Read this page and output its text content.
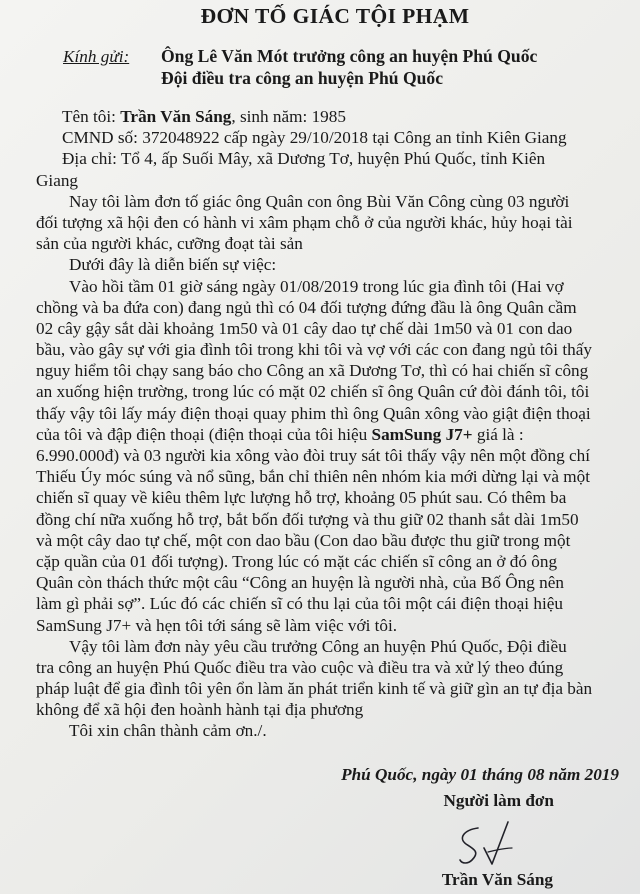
ĐƠN TỐ GIÁC TỘI PHẠM
Kính gửi:	Ông Lê Văn Mót trưởng công an huyện Phú Quốc
Đội điều tra công an huyện Phú Quốc
Tên tôi: Trần Văn Sáng, sinh năm: 1985
CMND số: 372048922 cấp ngày 29/10/2018 tại Công an tỉnh Kiên Giang
Địa chỉ: Tổ 4, ấp Suối Mây, xã Dương Tơ, huyện Phú Quốc, tỉnh Kiên
Giang
Nay tôi làm đơn tố giác ông Quân con ông Bùi Văn Công cùng 03 người
đối tượng xã hội đen có hành vi xâm phạm chỗ ở của người khác, hủy hoại tài
sản của người khác, cưỡng đoạt tài sản
Dưới đây là diễn biến sự việc:
Vào hồi tầm 01 giờ sáng ngày 01/08/2019 trong lúc gia đình tôi (Hai vợ
chồng và ba đứa con) đang ngủ thì có 04 đối tượng đứng đầu là ông Quân cầm
02 cây gậy sắt dài khoảng 1m50 và 01 cây dao tự chế dài 1m50 và 01 con dao
bầu, vào gây sự với gia đình tôi trong khi tôi và vợ với các con đang ngủ tôi thấy
nguy hiểm tôi chạy sang báo cho Công an xã Dương Tơ, thì có hai chiến sĩ công
an xuống hiện trường, trong lúc có mặt 02 chiến sĩ ông Quân cứ đòi đánh tôi, tôi
thấy vậy tôi lấy máy điện thoại quay phim thì ông Quân xông vào giật điện thoại
của tôi và đập điện thoại (điện thoại của tôi hiệu SamSung J7+ giá là :
6.990.000đ) và 03 người kia xông vào đòi truy sát tôi thấy vậy nên một đồng chí
Thiếu Úy móc súng và nổ sũng, bắn chỉ thiên nên nhóm kia mới dừng lại và một
chiến sĩ quay về kiêu thêm lực lượng hỗ trợ, khoảng 05 phút sau. Có thêm ba
đồng chí nữa xuống hỗ trợ, bắt bốn đối tượng và thu giữ 02 thanh sắt dài 1m50
và một cây dao tự chế, một con dao bầu (Con dao bầu được thu giữ trong một
cặp quần của 01 đối tượng). Trong lúc có mặt các chiến sĩ công an ở đó ông
Quân còn thách thức một câu “Công an huyện là người nhà, của Bố Ông nên
làm gì phải sợ”. Lúc đó các chiến sĩ có thu lại của tôi một cái điện thoại hiệu
SamSung J7+ và hẹn tôi tới sáng sẽ làm việc với tôi.
Vậy tôi làm đơn này yêu cầu trưởng Công an huyện Phú Quốc, Đội điều
tra công an huyện Phú Quốc điều tra vào cuộc và điều tra và xử lý theo đúng
pháp luật để gia đình tôi yên ổn làm ăn phát triển kinh tế và giữ gìn an tự địa bàn
không để xã hội đen hoành hành tại địa phương
Tôi xin chân thành cảm ơn./.
Phú Quốc, ngày 01 tháng 08 năm 2019
Người làm đơn
Trần Văn Sáng
